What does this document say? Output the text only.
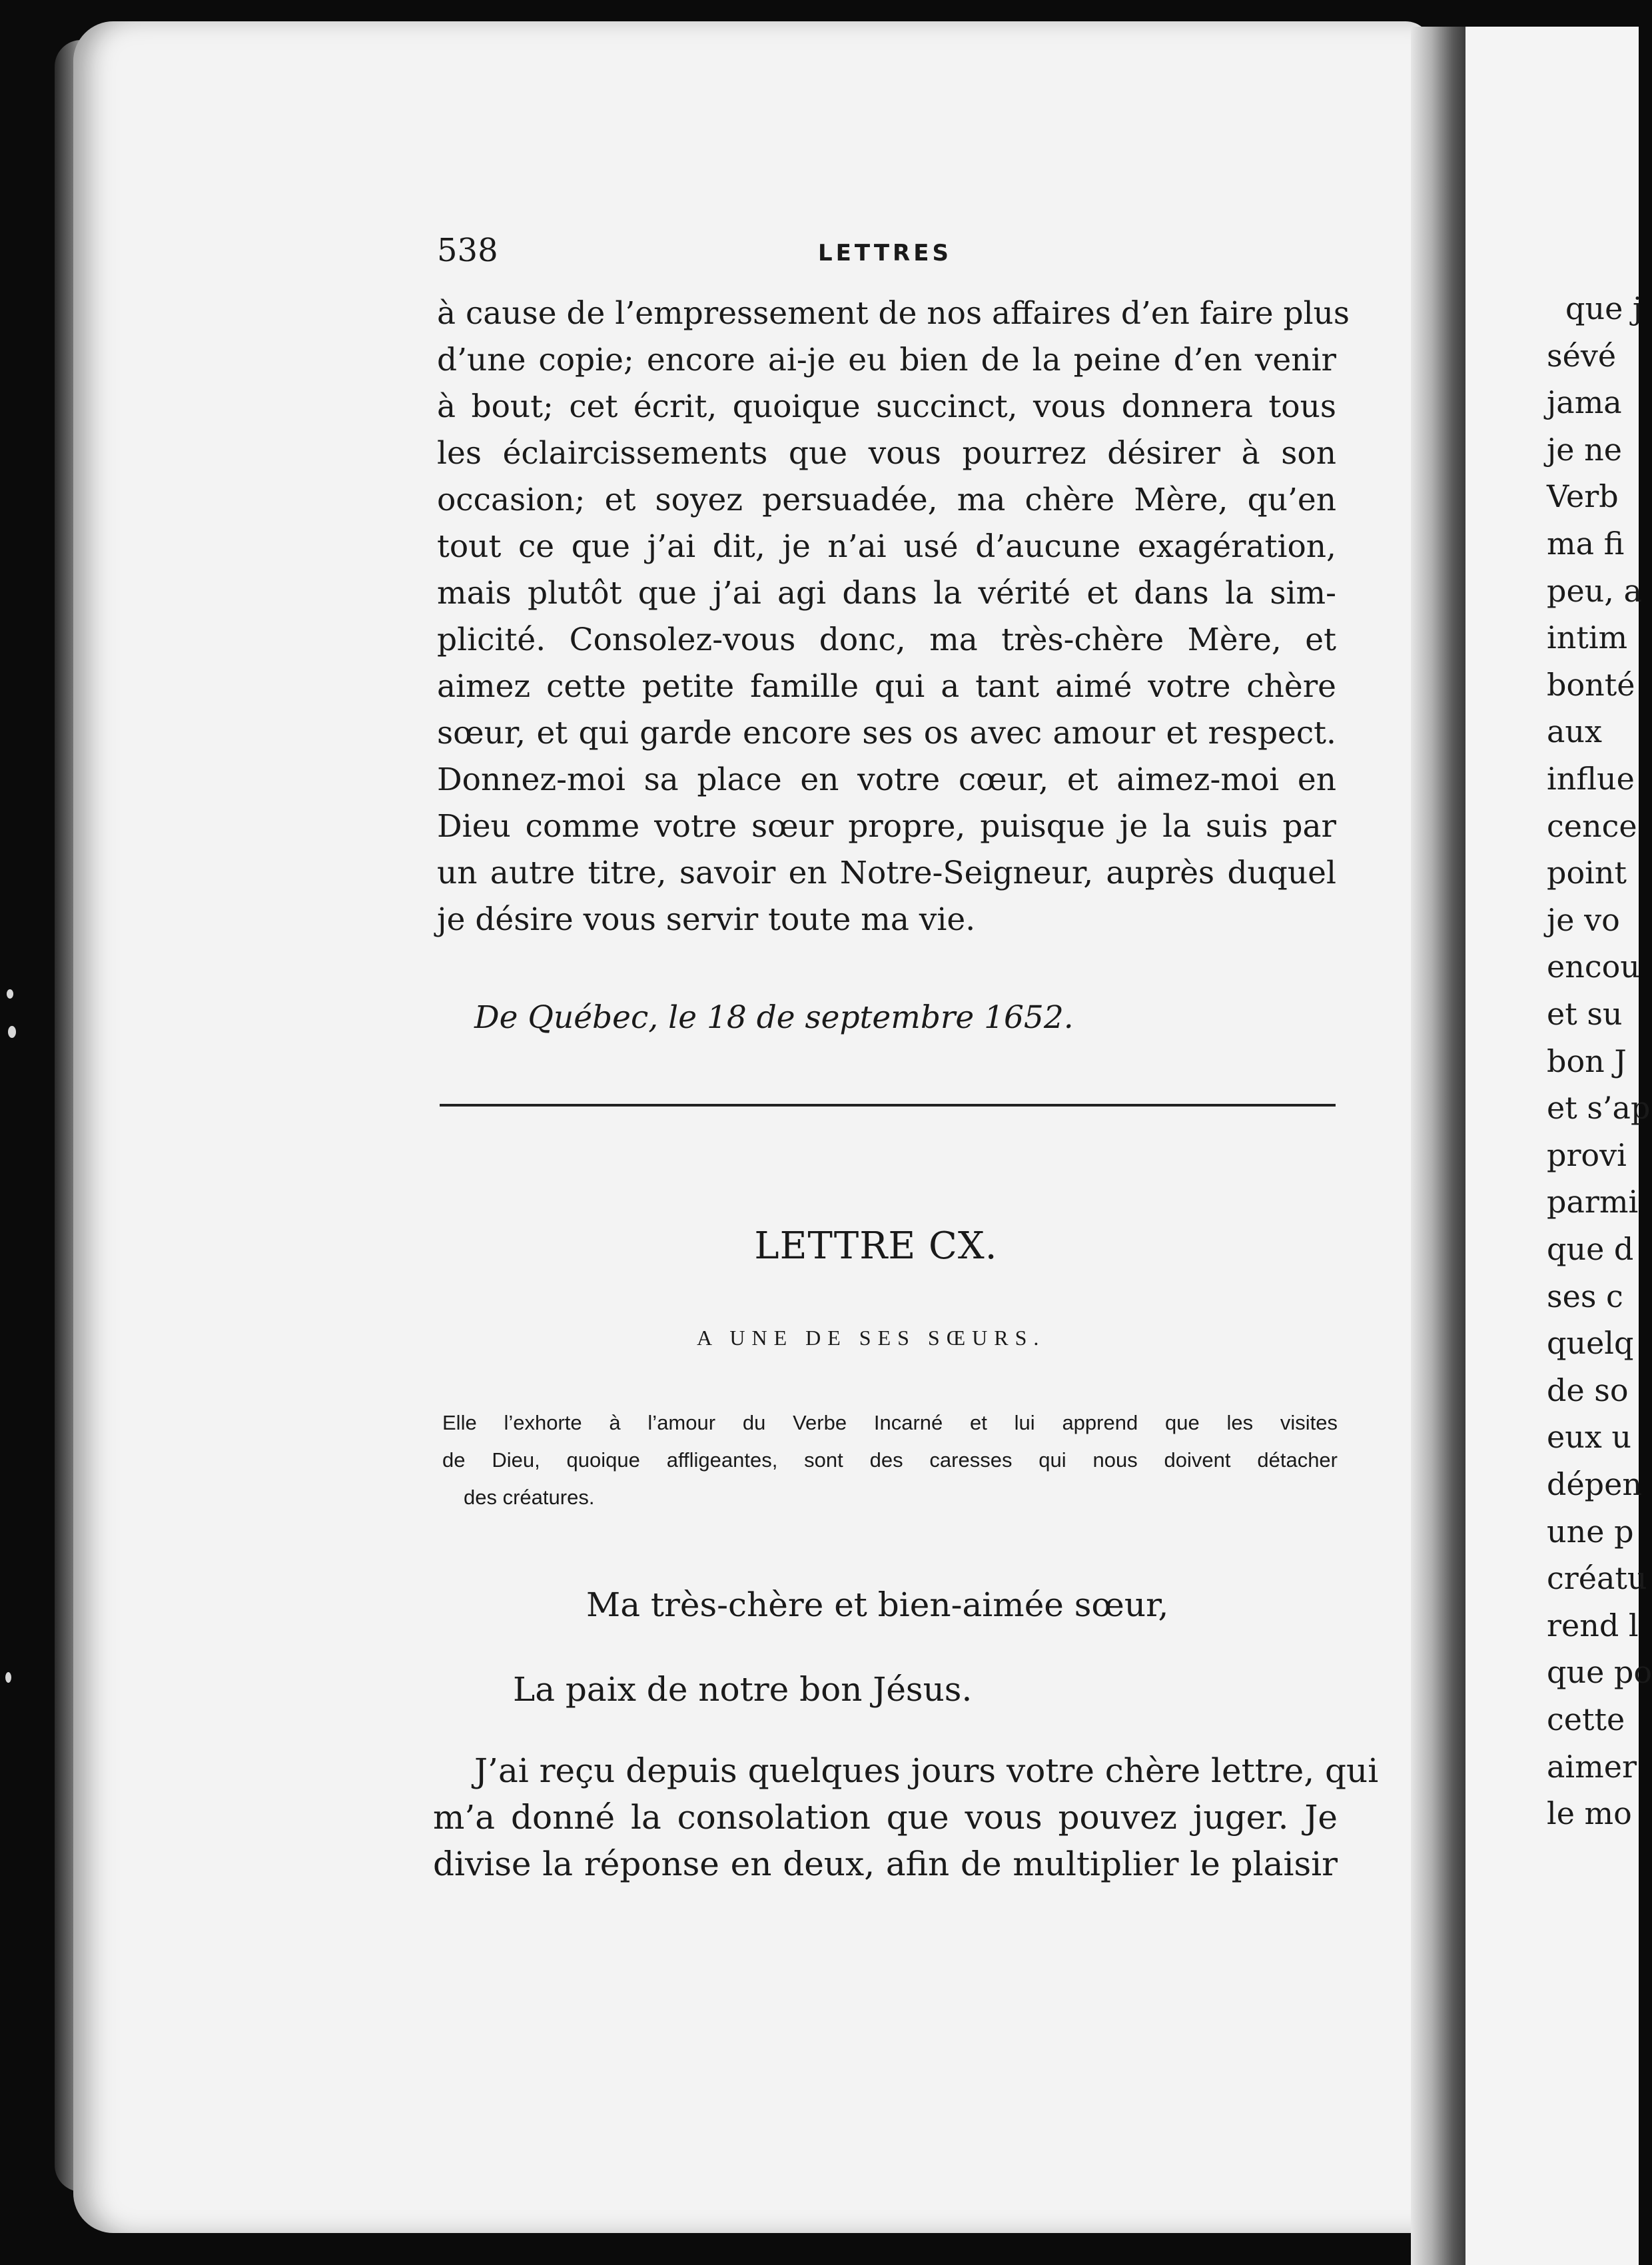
538	LETTRES
à cause de l’empressement de nos affaires d’en faire plus
d’une copie; encore ai-je eu bien de la peine d’en venir
à bout; cet écrit, quoique succinct, vous donnera tous
les éclaircissements que vous pourrez désirer à son
occasion; et soyez persuadée, ma chère Mère, qu’en
tout ce que j’ai dit, je n’ai usé d’aucune exagération,
mais plutôt que j’ai agi dans la vérité et dans la sim-
plicité. Consolez-vous donc, ma très-chère Mère, et
aimez cette petite famille qui a tant aimé votre chère
sœur, et qui garde encore ses os avec amour et respect.
Donnez-moi sa place en votre cœur, et aimez-moi en
Dieu comme votre sœur propre, puisque je la suis par
un autre titre, savoir en Notre-Seigneur, auprès duquel
je désire vous servir toute ma vie.
De Québec, le 18 de septembre 1652.
LETTRE CX.
A UNE DE SES SŒURS.
Elle l’exhorte à l’amour du Verbe Incarné et lui apprend que les visites
de Dieu, quoique affligeantes, sont des caresses qui nous doivent détacher
des créatures.
Ma très-chère et bien-aimée sœur,
La paix de notre bon Jésus.
J’ai reçu depuis quelques jours votre chère lettre, qui
m’a donné la consolation que vous pouvez juger. Je
divise la réponse en deux, afin de multiplier le plaisir
que j
sévé
jama
je ne
Verb
ma fi
peu, a
intim
bonté
aux
influe
cence
point
je vo
encou
et su
bon J
et s’ap
provi
parmi
que d
ses c
quelq
de so
eux u
dépen
une p
créatu
rend l
que po
cette
aimer
le mo
